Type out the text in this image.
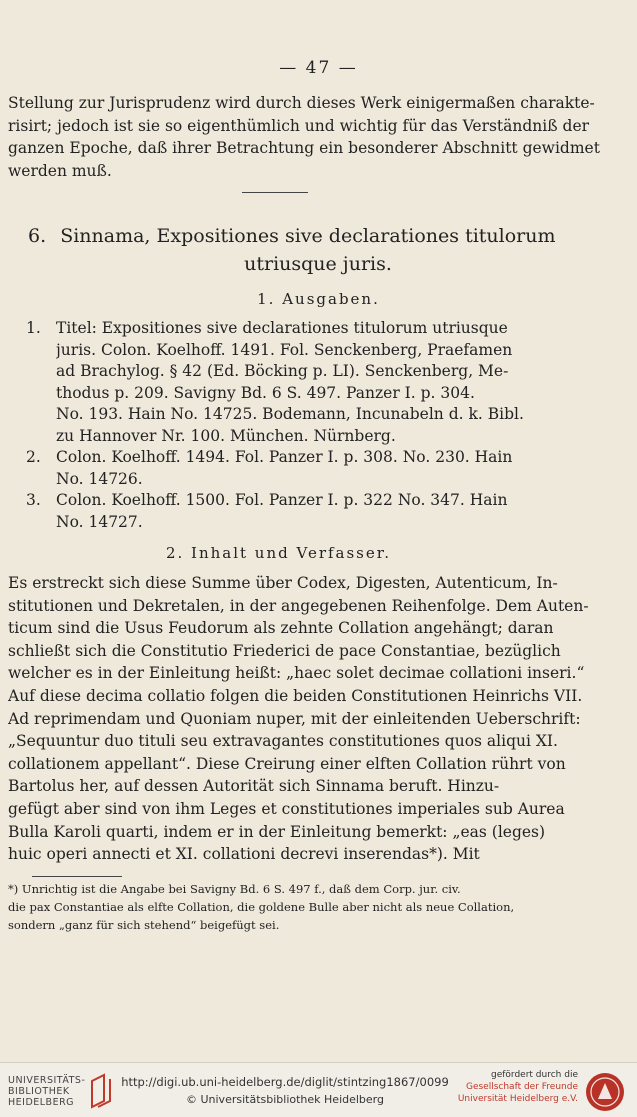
— 47 —
Stellung zur Jurisprudenz wird durch dieses Werk einigermaßen charakte-
risirt; jedoch ist sie so eigenthümlich und wichtig für das Verständniß der
ganzen Epoche, daß ihrer Betrachtung ein besonderer Abschnitt gewidmet
werden muß.
6. Sinnama, Expositiones sive declarationes titulorum
utriusque juris.
1. Ausgaben.
1. Titel: Expositiones sive declarationes titulorum utriusque
juris. Colon. Koelhoff. 1491. Fol. Senckenberg, Praefamen
ad Brachylog. § 42 (Ed. Böcking p. LI). Senckenberg, Me-
thodus p. 209. Savigny Bd. 6 S. 497. Panzer I. p. 304.
No. 193. Hain No. 14725. Bodemann, Incunabeln d. k. Bibl.
zu Hannover Nr. 100. München. Nürnberg.
2. Colon. Koelhoff. 1494. Fol. Panzer I. p. 308. No. 230. Hain
No. 14726.
3. Colon. Koelhoff. 1500. Fol. Panzer I. p. 322 No. 347. Hain
No. 14727.
2. Inhalt und Verfasser.
Es erstreckt sich diese Summe über Codex, Digesten, Autenticum, In-
stitutionen und Dekretalen, in der angegebenen Reihenfolge. Dem Auten-
ticum sind die Usus Feudorum als zehnte Collation angehängt; daran
schließt sich die Constitutio Friederici de pace Constantiae, bezüglich
welcher es in der Einleitung heißt: „haec solet decimae collationi inseri.“
Auf diese decima collatio folgen die beiden Constitutionen Heinrichs VII.
Ad reprimendam und Quoniam nuper, mit der einleitenden Ueberschrift:
„Sequuntur duo tituli seu extravagantes constitutiones quos aliqui XI.
collationem appellant“. Diese Creirung einer elften Collation rührt von
Bartolus her, auf dessen Autorität sich Sinnama beruft. Hinzu-
gefügt aber sind von ihm Leges et constitutiones imperiales sub Aurea
Bulla Karoli quarti, indem er in der Einleitung bemerkt: „eas (leges)
huic operi annecti et XI. collationi decrevi inserendas*). Mit
*) Unrichtig ist die Angabe bei Savigny Bd. 6 S. 497 f., daß dem Corp. jur. civ.
die pax Constantiae als elfte Collation, die goldene Bulle aber nicht als neue Collation,
sondern „ganz für sich stehend“ beigefügt sei.
UNIVERSITÄTS-
BIBLIOTHEK
HEIDELBERG
http://digi.ub.uni-heidelberg.de/diglit/stintzing1867/0099
© Universitätsbibliothek Heidelberg
gefördert durch die
Gesellschaft der Freunde
Universität Heidelberg e.V.
